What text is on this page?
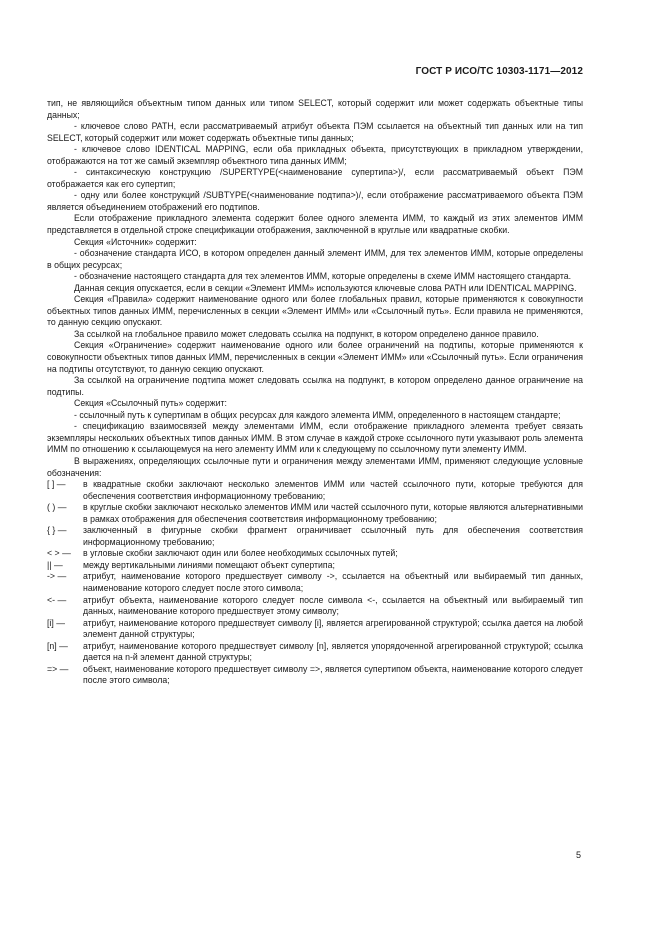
ГОСТ Р ИСО/ТС 10303-1171—2012

тип, не являющийся объектным типом данных или типом SELECT, который содержит или может содержать объектные типы данных;

- ключевое слово PATH, если рассматриваемый атрибут объекта ПЭМ ссылается на объектный тип данных или на тип SELECT, который содержит или может содержать объектные типы данных;

- ключевое слово IDENTICAL MAPPING, если оба прикладных объекта, присутствующих в прикладном утверждении, отображаются на тот же самый экземпляр объектного типа данных ИММ;

- синтаксическую конструкцию /SUPERTYPE(<наименование супертипа>)/, если рассматриваемый объект ПЭМ отображается как его супертип;

- одну или более конструкций /SUBTYPE(<наименование подтипа>)/, если отображение рассматриваемого объекта ПЭМ является объединением отображений его подтипов.

Если отображение прикладного элемента содержит более одного элемента ИММ, то каждый из этих элементов ИММ представляется в отдельной строке спецификации отображения, заключенной в круглые или квадратные скобки.

Секция «Источник» содержит:

- обозначение стандарта ИСО, в котором определен данный элемент ИММ, для тех элементов ИММ, которые определены в общих ресурсах;

- обозначение настоящего стандарта для тех элементов ИММ, которые определены в схеме ИММ настоящего стандарта.

Данная секция опускается, если в секции «Элемент ИММ» используются ключевые слова PATH или IDENTICAL MAPPING.

Секция «Правила» содержит наименование одного или более глобальных правил, которые применяются к совокупности объектных типов данных ИММ, перечисленных в секции «Элемент ИММ» или «Ссылочный путь». Если правила не применяются, то данную секцию опускают.

За ссылкой на глобальное правило может следовать ссылка на подпункт, в котором определено данное правило.

Секция «Ограничение» содержит наименование одного или более ограничений на подтипы, которые применяются к совокупности объектных типов данных ИММ, перечисленных в секции «Элемент ИММ» или «Ссылочный путь». Если ограничения на подтипы отсутствуют, то данную секцию опускают.

За ссылкой на ограничение подтипа может следовать ссылка на подпункт, в котором определено данное ограничение на подтипы.

Секция «Ссылочный путь» содержит:

- ссылочный путь к супертипам в общих ресурсах для каждого элемента ИММ, определенного в настоящем стандарте;

- спецификацию взаимосвязей между элементами ИММ, если отображение прикладного элемента требует связать экземпляры нескольких объектных типов данных ИММ. В этом случае в каждой строке ссылочного пути указывают роль элемента ИММ по отношению к ссылающемуся на него элементу ИММ или к следующему по ссылочному пути элементу ИММ.

В выражениях, определяющих ссылочные пути и ограничения между элементами ИММ, применяют следующие условные обозначения:

[ ] —	в квадратные скобки заключают несколько элементов ИММ или частей ссылочного пути, которые требуются для обеспечения соответствия информационному требованию;
( ) —	в круглые скобки заключают несколько элементов ИММ или частей ссылочного пути, которые являются альтернативными в рамках отображения для обеспечения соответствия информационному требованию;
{ } —	заключенный в фигурные скобки фрагмент ограничивает ссылочный путь для обеспечения соответствия информационному требованию;
< > —	в угловые скобки заключают один или более необходимых ссылочных путей;
|| —	между вертикальными линиями помещают объект супертипа;
-> —	атрибут, наименование которого предшествует символу ->, ссылается на объектный или выбираемый тип данных, наименование которого следует после этого символа;
<- —	атрибут объекта, наименование которого следует после символа <-, ссылается на объектный или выбираемый тип данных, наименование которого предшествует этому символу;
[i] —	атрибут, наименование которого предшествует символу [i], является агрегированной структурой; ссылка дается на любой элемент данной структуры;
[n] —	атрибут, наименование которого предшествует символу [n], является упорядоченной агрегированной структурой; ссылка дается на n-й элемент данной структуры;
=> —	объект, наименование которого предшествует символу =>, является супертипом объекта, наименование которого следует после этого символа;
5
